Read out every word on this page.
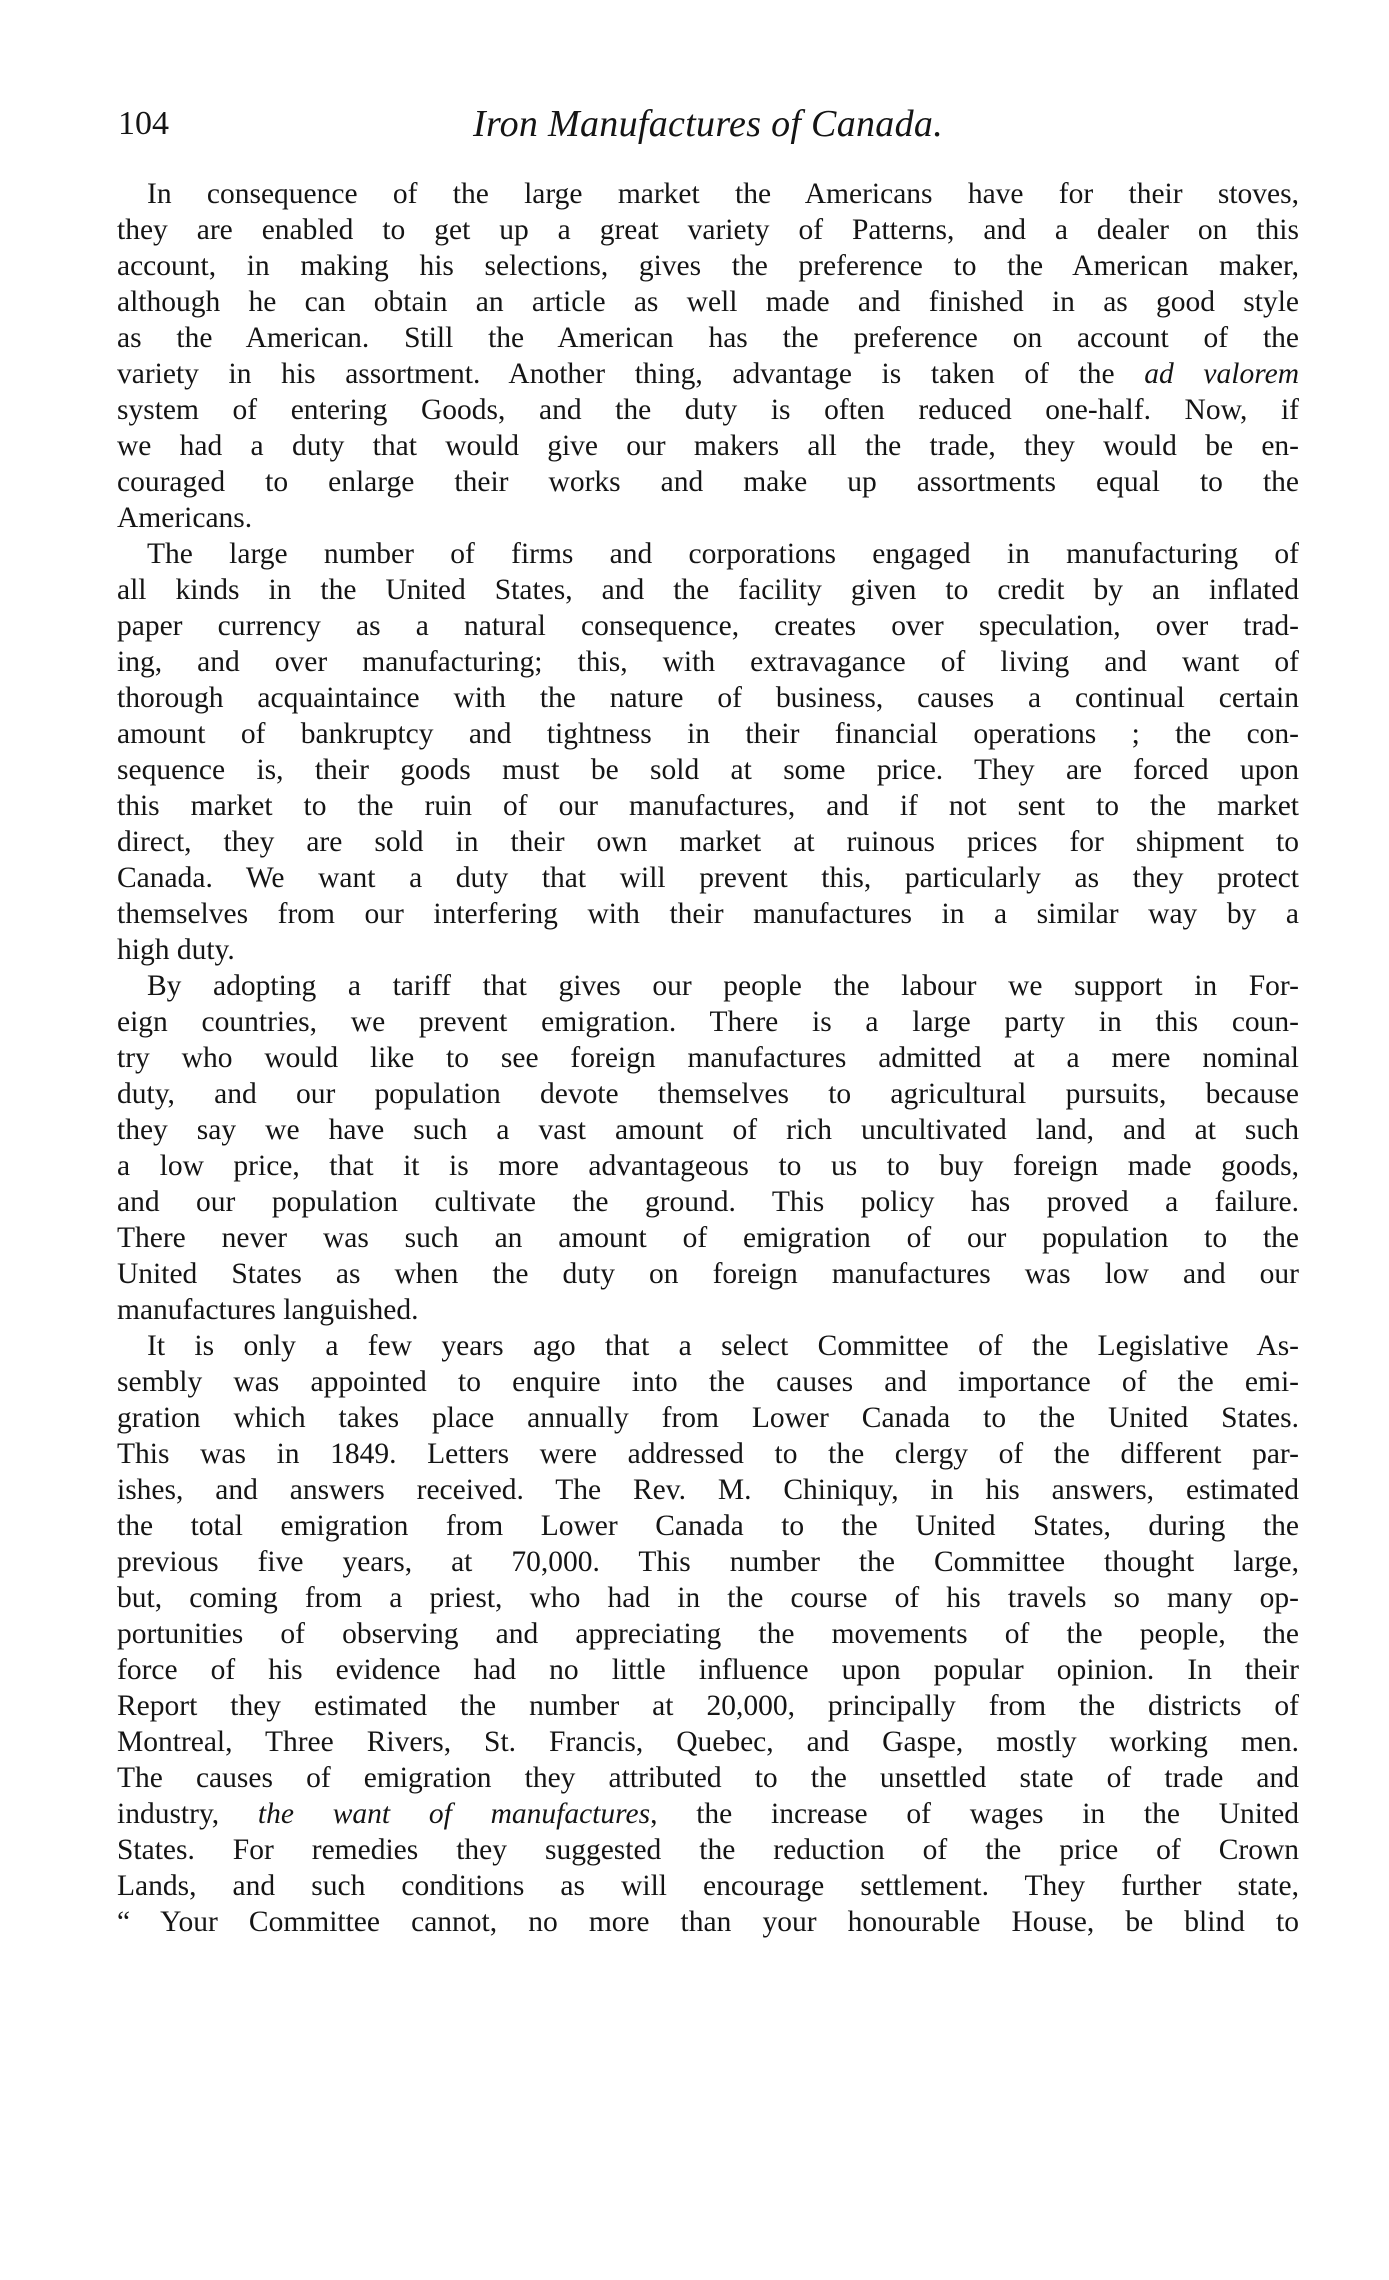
104	Iron Manufactures of Canada.
In consequence of the large market the Americans have for their stoves,
they are enabled to get up a great variety of Patterns, and a dealer on this
account, in making his selections, gives the preference to the American maker,
although he can obtain an article as well made and finished in as good style
as the American. Still the American has the preference on account of the
variety in his assortment. Another thing, advantage is taken of the ad valorem
system of entering Goods, and the duty is often reduced one-half. Now, if
we had a duty that would give our makers all the trade, they would be en-
couraged to enlarge their works and make up assortments equal to the
Americans.
The large number of firms and corporations engaged in manufacturing of
all kinds in the United States, and the facility given to credit by an inflated
paper currency as a natural consequence, creates over speculation, over trad-
ing, and over manufacturing; this, with extravagance of living and want of
thorough acquaintaince with the nature of business, causes a continual certain
amount of bankruptcy and tightness in their financial operations ; the con-
sequence is, their goods must be sold at some price. They are forced upon
this market to the ruin of our manufactures, and if not sent to the market
direct, they are sold in their own market at ruinous prices for shipment to
Canada. We want a duty that will prevent this, particularly as they protect
themselves from our interfering with their manufactures in a similar way by a
high duty.
By adopting a tariff that gives our people the labour we support in For-
eign countries, we prevent emigration. There is a large party in this coun-
try who would like to see foreign manufactures admitted at a mere nominal
duty, and our population devote themselves to agricultural pursuits, because
they say we have such a vast amount of rich uncultivated land, and at such
a low price, that it is more advantageous to us to buy foreign made goods,
and our population cultivate the ground. This policy has proved a failure.
There never was such an amount of emigration of our population to the
United States as when the duty on foreign manufactures was low and our
manufactures languished.
It is only a few years ago that a select Committee of the Legislative As-
sembly was appointed to enquire into the causes and importance of the emi-
gration which takes place annually from Lower Canada to the United States.
This was in 1849. Letters were addressed to the clergy of the different par-
ishes, and answers received. The Rev. M. Chiniquy, in his answers, estimated
the total emigration from Lower Canada to the United States, during the
previous five years, at 70,000. This number the Committee thought large,
but, coming from a priest, who had in the course of his travels so many op-
portunities of observing and appreciating the movements of the people, the
force of his evidence had no little influence upon popular opinion. In their
Report they estimated the number at 20,000, principally from the districts of
Montreal, Three Rivers, St. Francis, Quebec, and Gaspe, mostly working men.
The causes of emigration they attributed to the unsettled state of trade and
industry, the want of manufactures, the increase of wages in the United
States. For remedies they suggested the reduction of the price of Crown
Lands, and such conditions as will encourage settlement. They further state,
“ Your Committee cannot, no more than your honourable House, be blind to
